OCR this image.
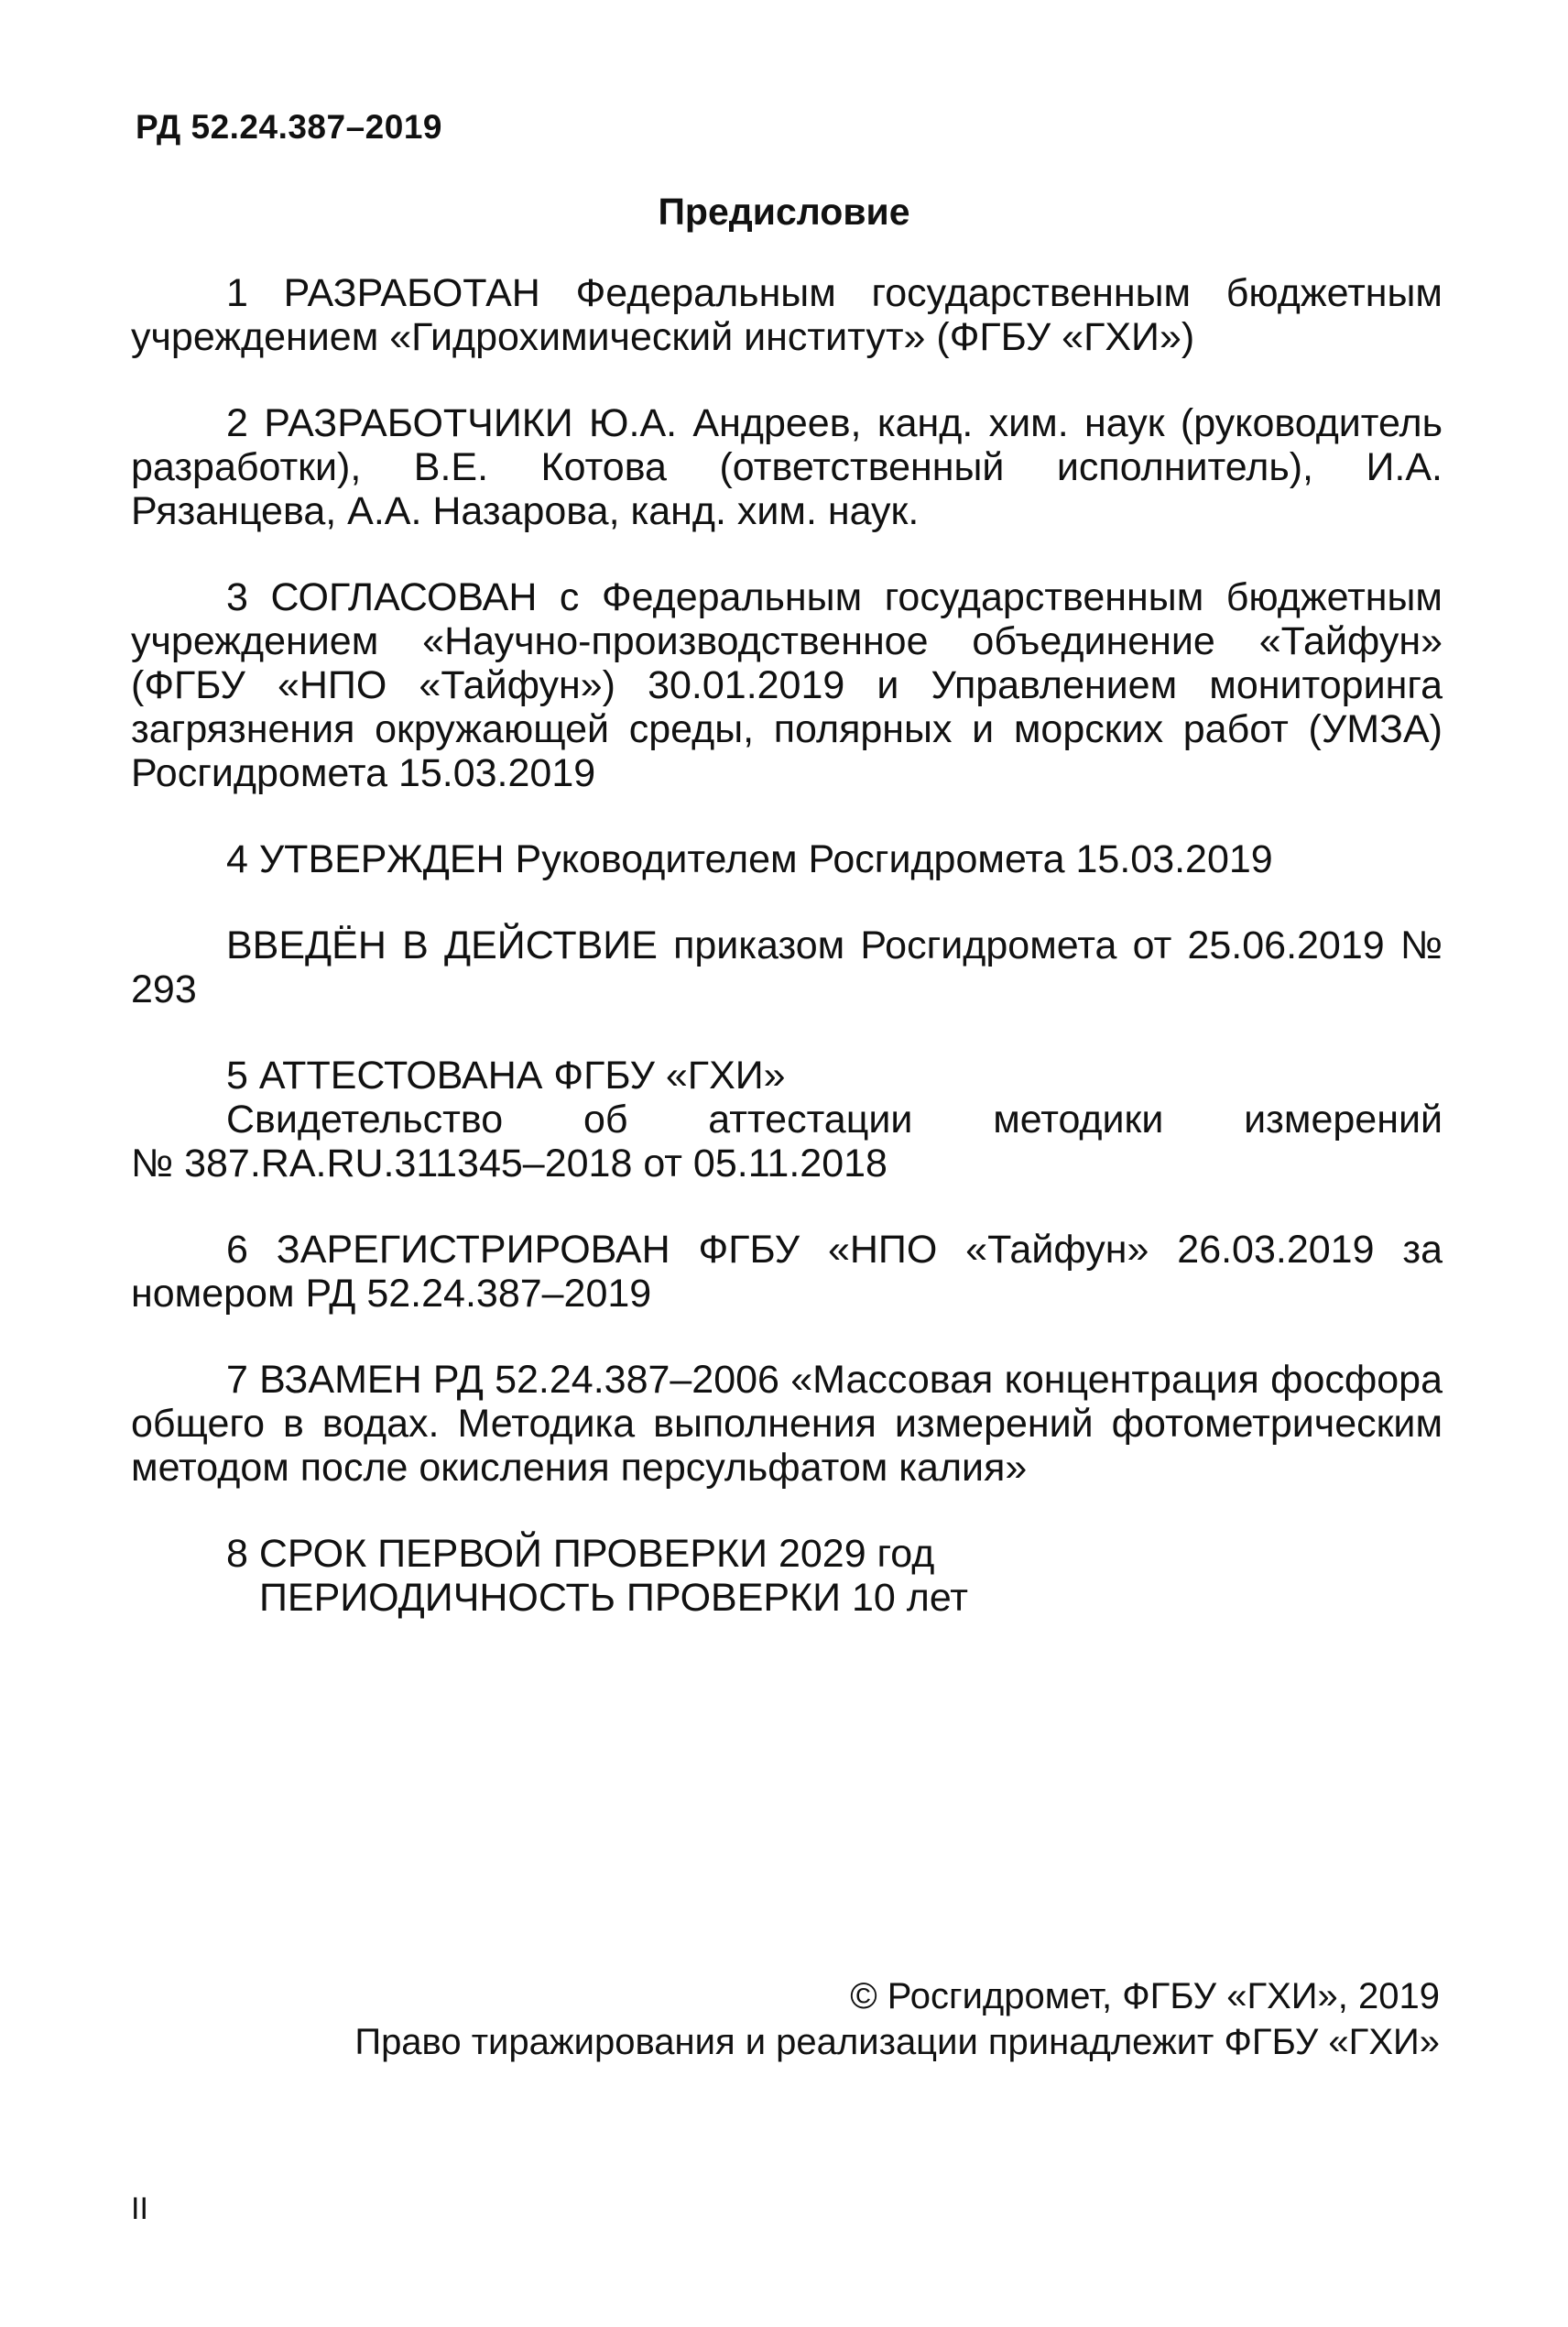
РД 52.24.387–2019
Предисловие

1 РАЗРАБОТАН Федеральным государственным бюджетным учреждением «Гидрохимический институт» (ФГБУ «ГХИ»)

2 РАЗРАБОТЧИКИ Ю.А. Андреев, канд. хим. наук (руководитель разработки), В.Е. Котова (ответственный исполнитель), И.А. Рязанцева, А.А. Назарова, канд. хим. наук.

3 СОГЛАСОВАН с Федеральным государственным бюджетным учреждением «Научно-производственное объединение «Тайфун» (ФГБУ «НПО «Тайфун») 30.01.2019 и Управлением мониторинга загрязнения окружающей среды, полярных и морских работ (УМЗА) Росгидромета 15.03.2019

4 УТВЕРЖДЕН Руководителем Росгидромета 15.03.2019

ВВЕДЁН В ДЕЙСТВИЕ приказом Росгидромета от 25.06.2019 № 293

5 АТТЕСТОВАНА ФГБУ «ГХИ»
Свидетельство об аттестации методики измерений
№ 387.RA.RU.311345–2018 от 05.11.2018

6 ЗАРЕГИСТРИРОВАН ФГБУ «НПО «Тайфун» 26.03.2019 за номером РД 52.24.387–2019

7 ВЗАМЕН РД 52.24.387–2006 «Массовая концентрация фосфора общего в водах. Методика выполнения измерений фотометрическим методом после окисления персульфатом калия»

8 СРОК ПЕРВОЙ ПРОВЕРКИ 2029 год
ПЕРИОДИЧНОСТЬ ПРОВЕРКИ 10 лет
© Росгидромет, ФГБУ «ГХИ», 2019
Право тиражирования и реализации принадлежит ФГБУ «ГХИ»
II
